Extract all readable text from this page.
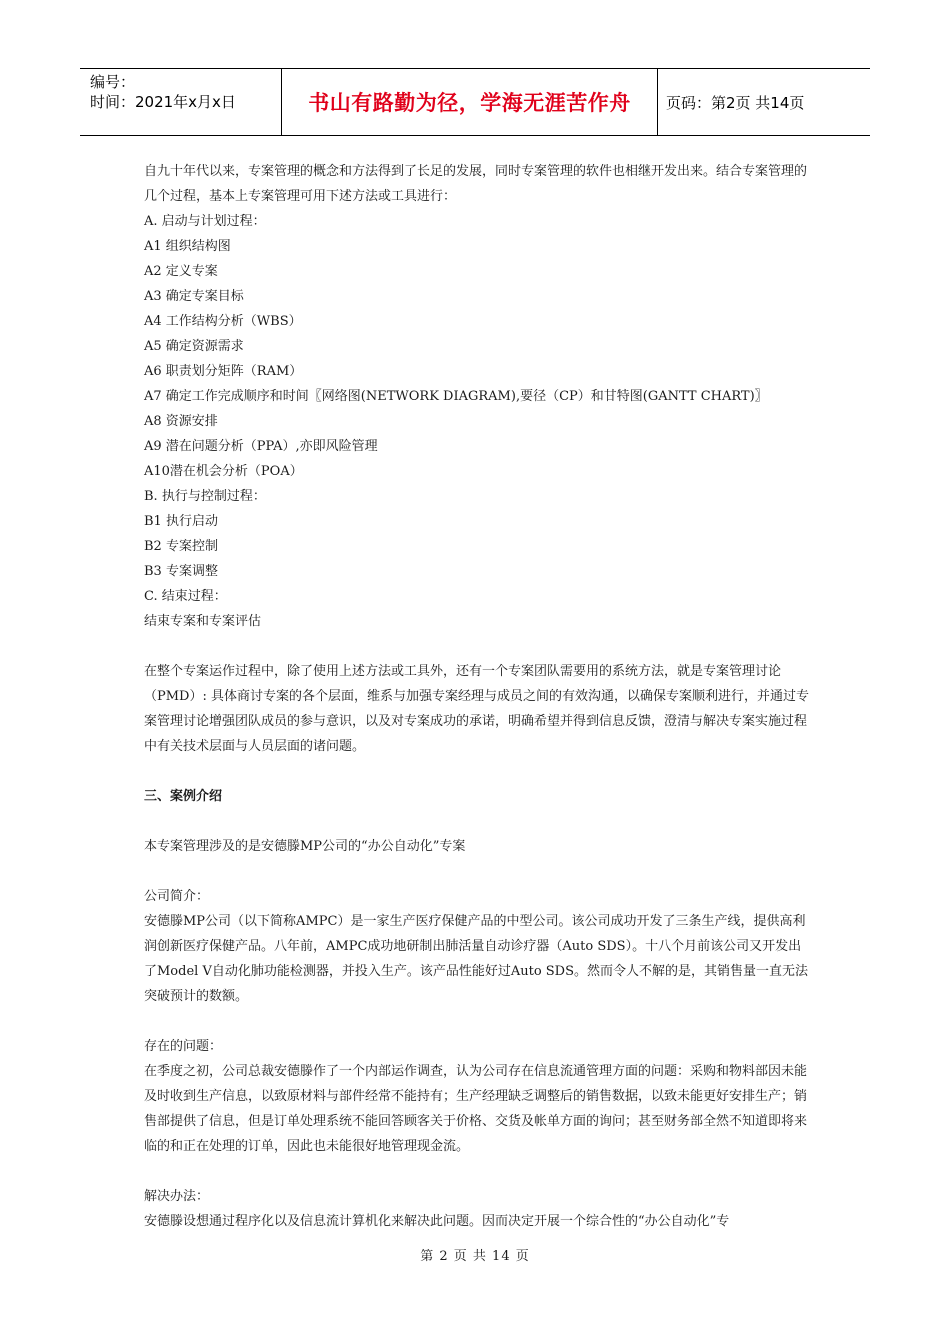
编号：
时间：2021年x月x日	书山有路勤为径，学海无涯苦作舟 页码：第2页 共14页

自九十年代以来，专案管理的概念和方法得到了长足的发展，同时专案管理的软件也相继开发出来。结合专案管理的几个过程，基本上专案管理可用下述方法或工具进行：

A. 启动与计划过程：

A1 组织结构图

A2 定义专案

A3 确定专案目标

A4 工作结构分析（WBS）

A5 确定资源需求

A6 职责划分矩阵（RAM）

A7 确定工作完成顺序和时间〖网络图(NETWORK DIAGRAM),要径（CP）和甘特图(GANTT CHART)〗

A8 资源安排

A9 潜在问题分析（PPA）,亦即风险管理

A10潜在机会分析（POA）

B. 执行与控制过程：

B1 执行启动

B2 专案控制

B3 专案调整

C. 结束过程：

结束专案和专案评估

在整个专案运作过程中，除了使用上述方法或工具外，还有一个专案团队需要用的系统方法，就是专案管理讨论（PMD）: 具体商讨专案的各个层面，维系与加强专案经理与成员之间的有效沟通，以确保专案顺利进行，并通过专案管理讨论增强团队成员的参与意识，以及对专案成功的承诺，明确希望并得到信息反馈，澄清与解决专案实施过程中有关技术层面与人员层面的诸问题。

三、案例介绍

本专案管理涉及的是安德滕MP公司的“办公自动化”专案

公司简介：

安德滕MP公司（以下简称AMPC）是一家生产医疗保健产品的中型公司。该公司成功开发了三条生产线，提供高利润创新医疗保健产品。八年前，AMPC成功地研制出肺活量自动诊疗器（Auto SDS）。十八个月前该公司又开发出了Model V自动化肺功能检测器，并投入生产。该产品性能好过Auto SDS。然而令人不解的是，其销售量一直无法突破预计的数额。

存在的问题：

在季度之初，公司总裁安德滕作了一个内部运作调查，认为公司存在信息流通管理方面的问题：采购和物料部因未能及时收到生产信息，以致原材料与部件经常不能持有；生产经理缺乏调整后的销售数据，以致未能更好安排生产；销售部提供了信息，但是订单处理系统不能回答顾客关于价格、交货及帐单方面的询问；甚至财务部全然不知道即将来临的和正在处理的订单，因此也未能很好地管理现金流。

解决办法：

安德滕设想通过程序化以及信息流计算机化来解决此问题。因而决定开展一个综合性的“办公自动化”专

第 2 页 共 14 页
